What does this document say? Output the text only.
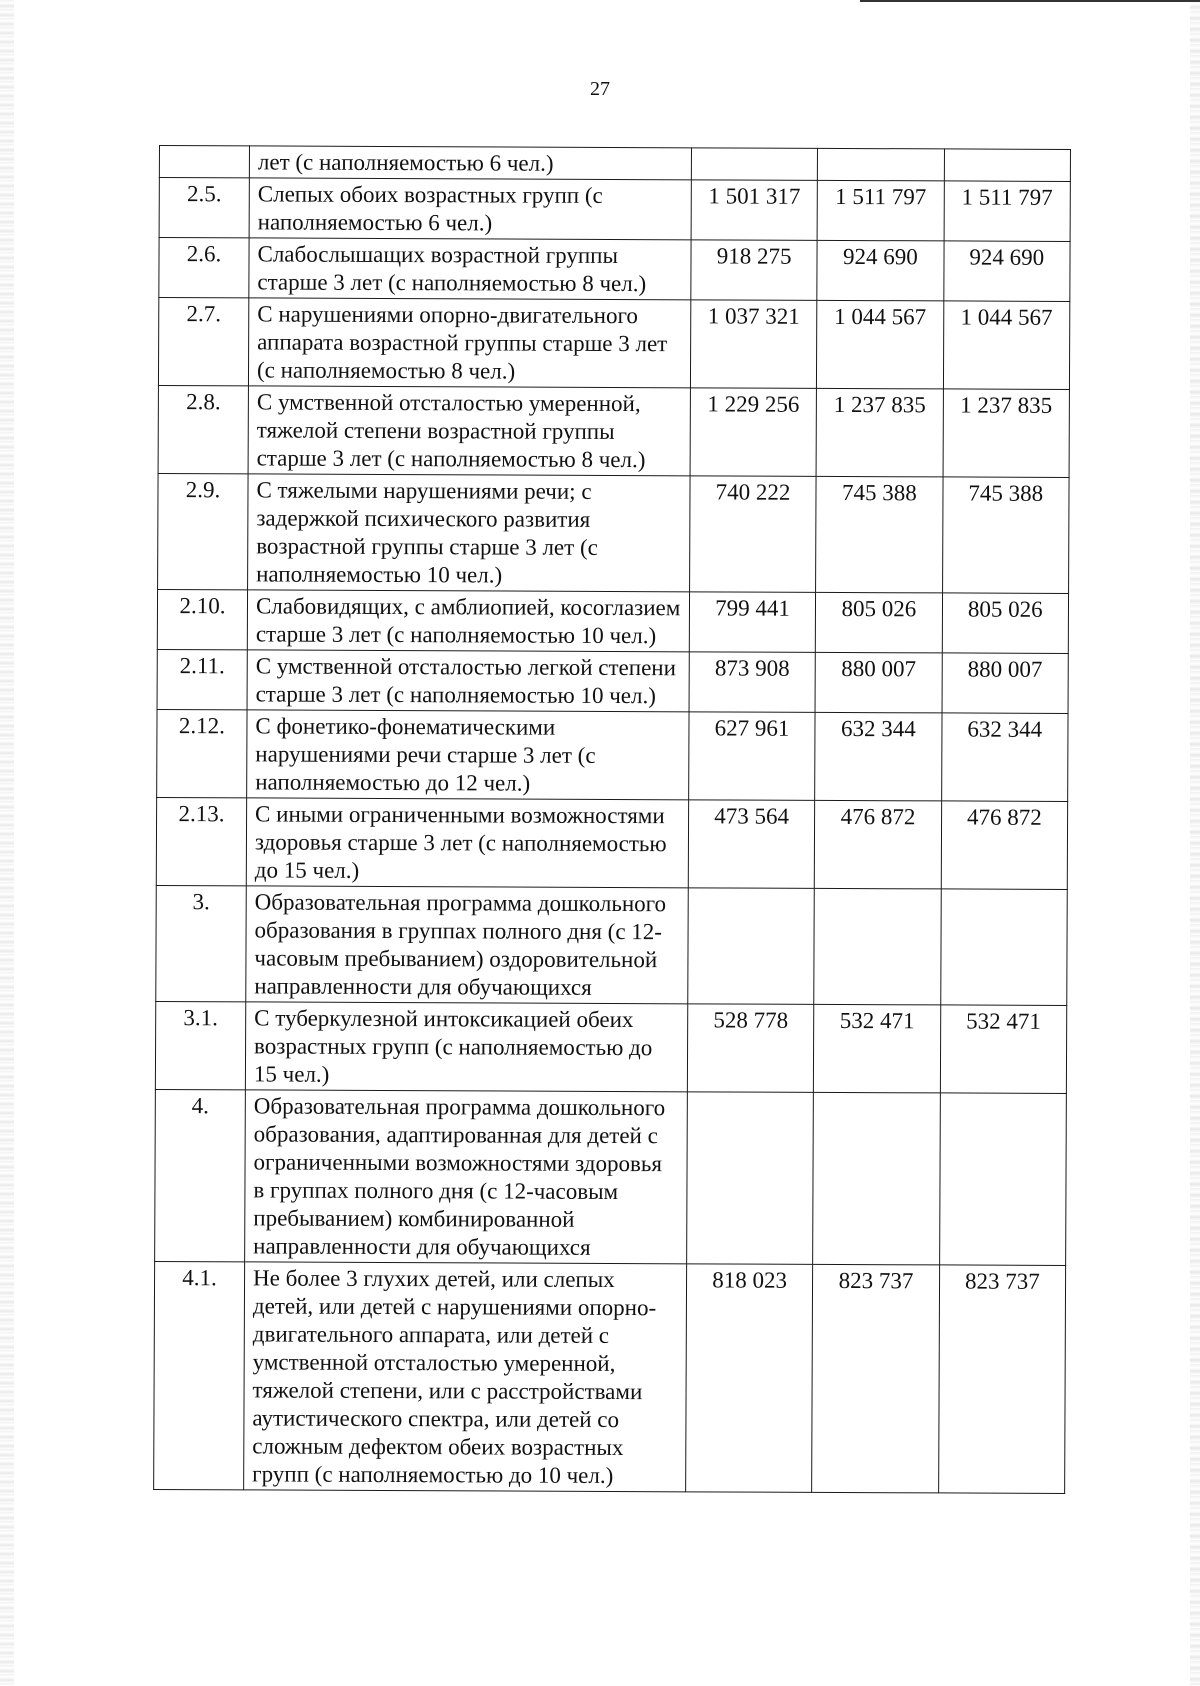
27
	лет (с наполняемостью 6 чел.)			
2.5.	Слепых обоих возрастных групп (с наполняемостью 6 чел.)	1 501 317	1 511 797	1 511 797
2.6.	Слабослышащих возрастной группы старше 3 лет (с наполняемостью 8 чел.)	918 275	924 690	924 690
2.7.	С нарушениями опорно-двигательного аппарата возрастной группы старше 3 лет (с наполняемостью 8 чел.)	1 037 321	1 044 567	1 044 567
2.8.	С умственной отсталостью умеренной, тяжелой степени возрастной группы старше 3 лет (с наполняемостью 8 чел.)	1 229 256	1 237 835	1 237 835
2.9.	С тяжелыми нарушениями речи; с задержкой психического развития возрастной группы старше 3 лет (с наполняемостью 10 чел.)	740 222	745 388	745 388
2.10.	Слабовидящих, с амблиопией, косоглазием старше 3 лет (с наполняемостью 10 чел.)	799 441	805 026	805 026
2.11.	С умственной отсталостью легкой степени старше 3 лет (с наполняемостью 10 чел.)	873 908	880 007	880 007
2.12.	С фонетико-фонематическими нарушениями речи старше 3 лет (с наполняемостью до 12 чел.)	627 961	632 344	632 344
2.13.	С иными ограниченными возможностями здоровья старше 3 лет (с наполняемостью до 15 чел.)	473 564	476 872	476 872
3.	Образовательная программа дошкольного образования в группах полного дня (с 12-часовым пребыванием) оздоровительной направленности для обучающихся			
3.1.	С туберкулезной интоксикацией обеих возрастных групп (с наполняемостью до 15 чел.)	528 778	532 471	532 471
4.	Образовательная программа дошкольного образования, адаптированная для детей с ограниченными возможностями здоровья в группах полного дня (с 12-часовым пребыванием) комбинированной направленности для обучающихся			
4.1.	Не более 3 глухих детей, или слепых детей, или детей с нарушениями опорно-двигательного аппарата, или детей с умственной отсталостью умеренной, тяжелой степени, или с расстройствами аутистического спектра, или детей со сложным дефектом обеих возрастных групп (с наполняемостью до 10 чел.)	818 023	823 737	823 737
